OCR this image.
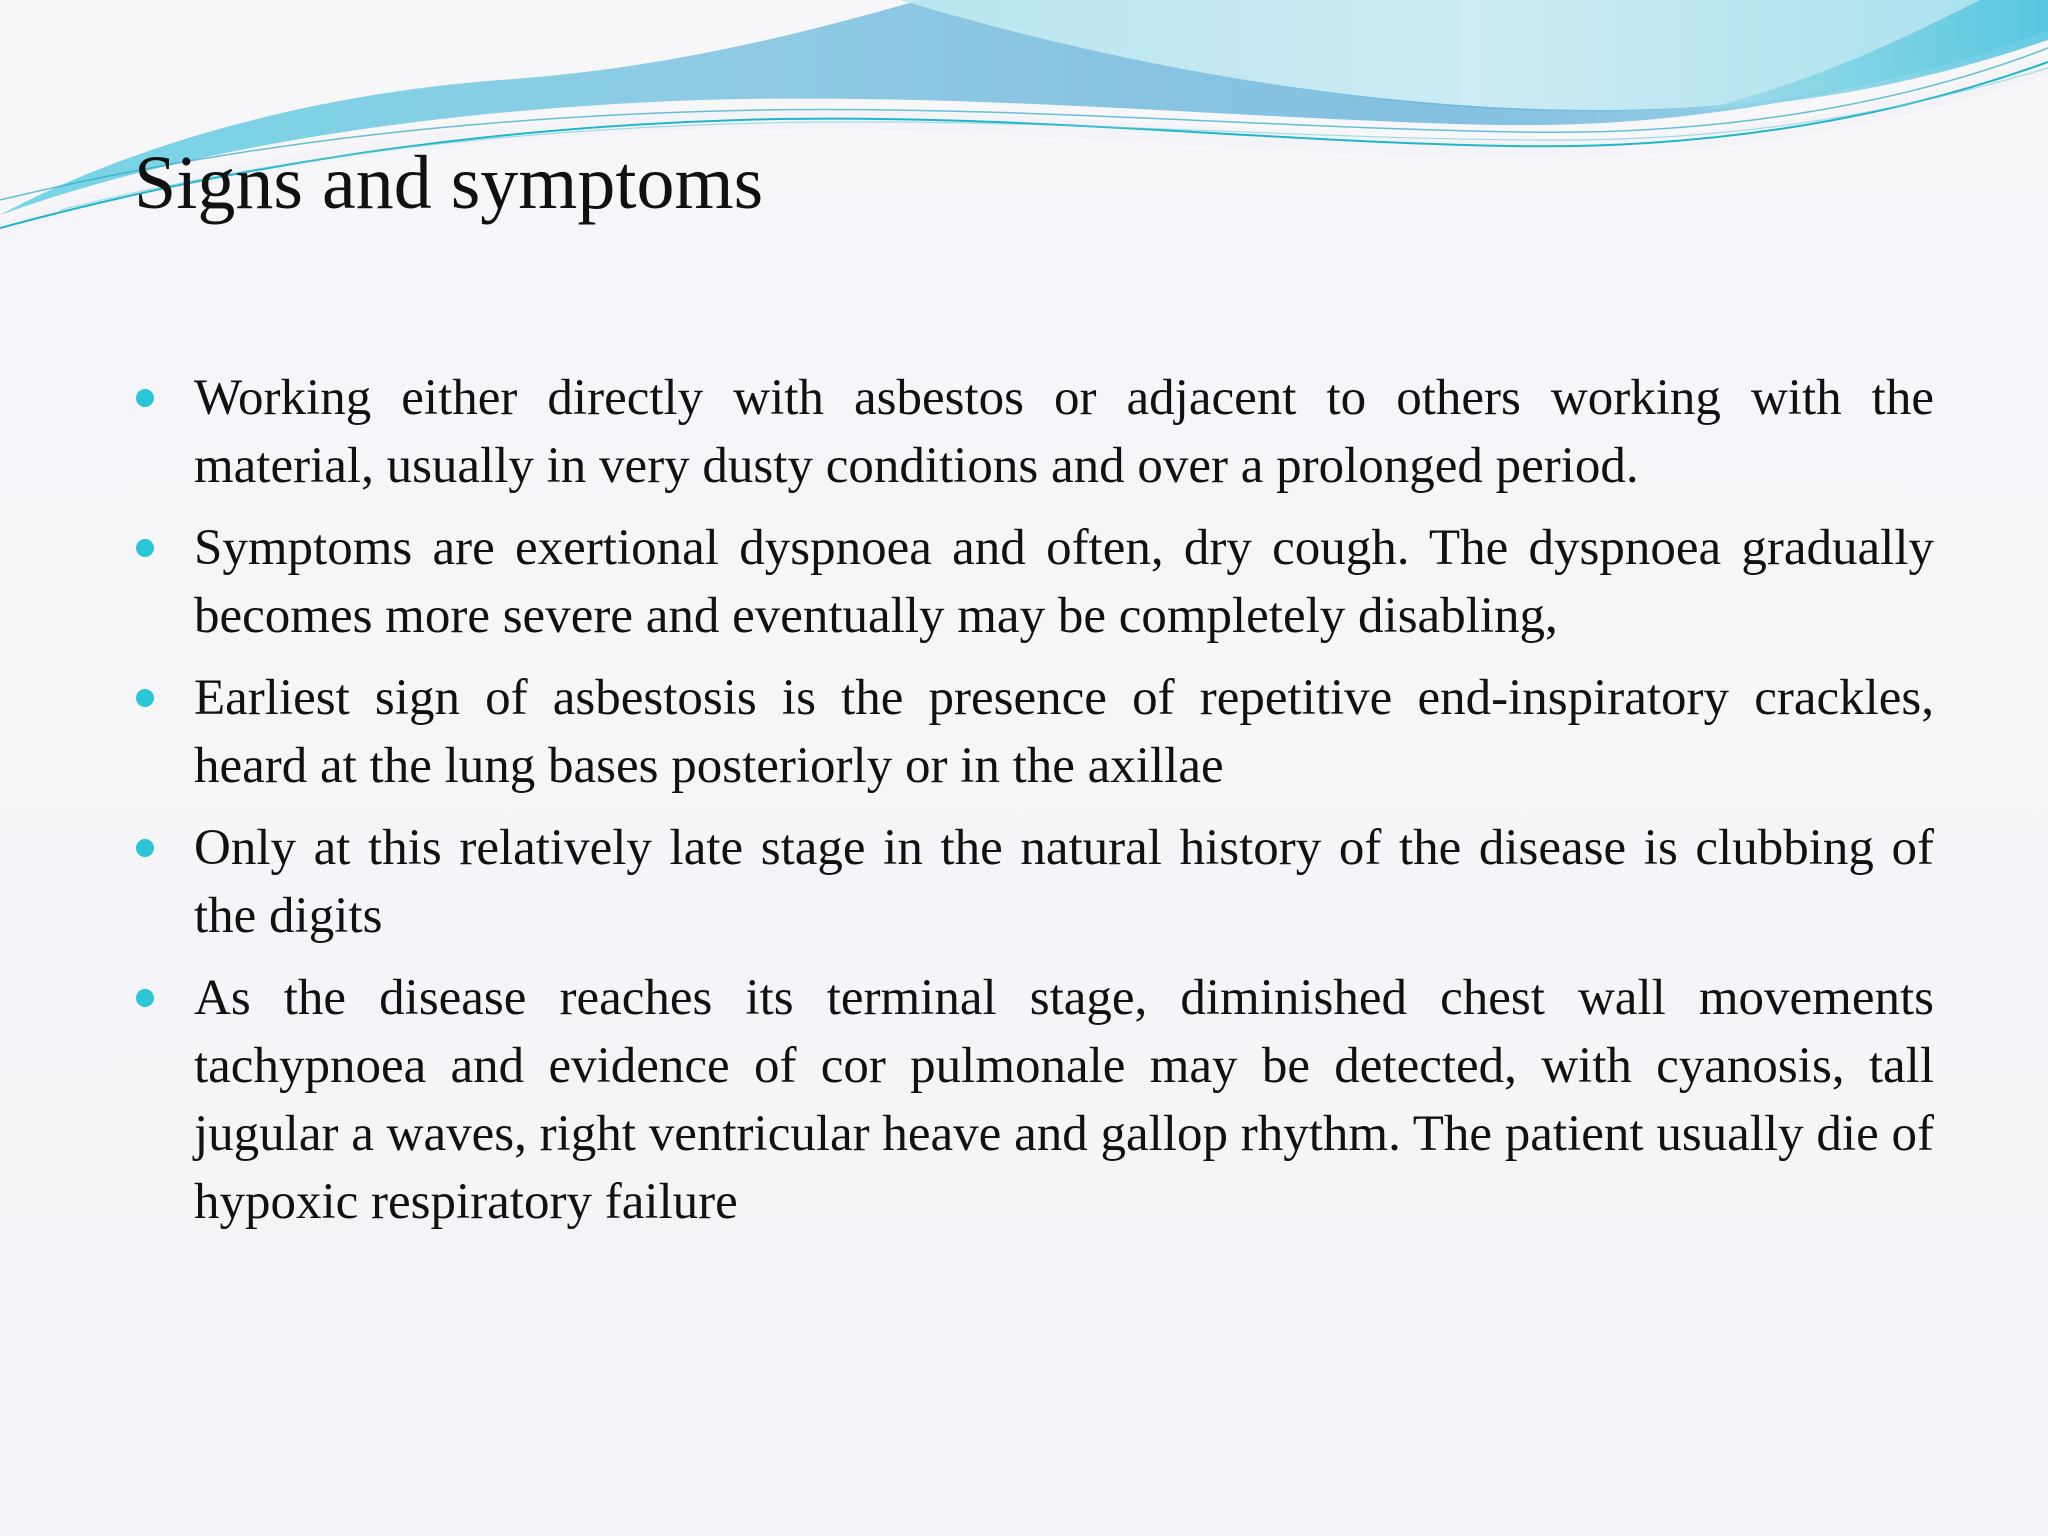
Signs and symptoms
Working either directly with asbestos or adjacent to others working with the material, usually in very dusty conditions and over a prolonged period.
Symptoms are exertional dyspnoea and often, dry cough. The dyspnoea gradually becomes more severe and eventually may be completely disabling,
Earliest sign of asbestosis is the presence of repetitive end-inspiratory crackles, heard at the lung bases posteriorly or in the axillae
Only at this relatively late stage in the natural history of the disease is clubbing of the digits
As the disease reaches its terminal stage, diminished chest wall movements tachypnoea and evidence of cor pulmonale may be detected, with cyanosis, tall jugular a waves, right ventricular heave and gallop rhythm. The patient usually die of hypoxic respiratory failure
